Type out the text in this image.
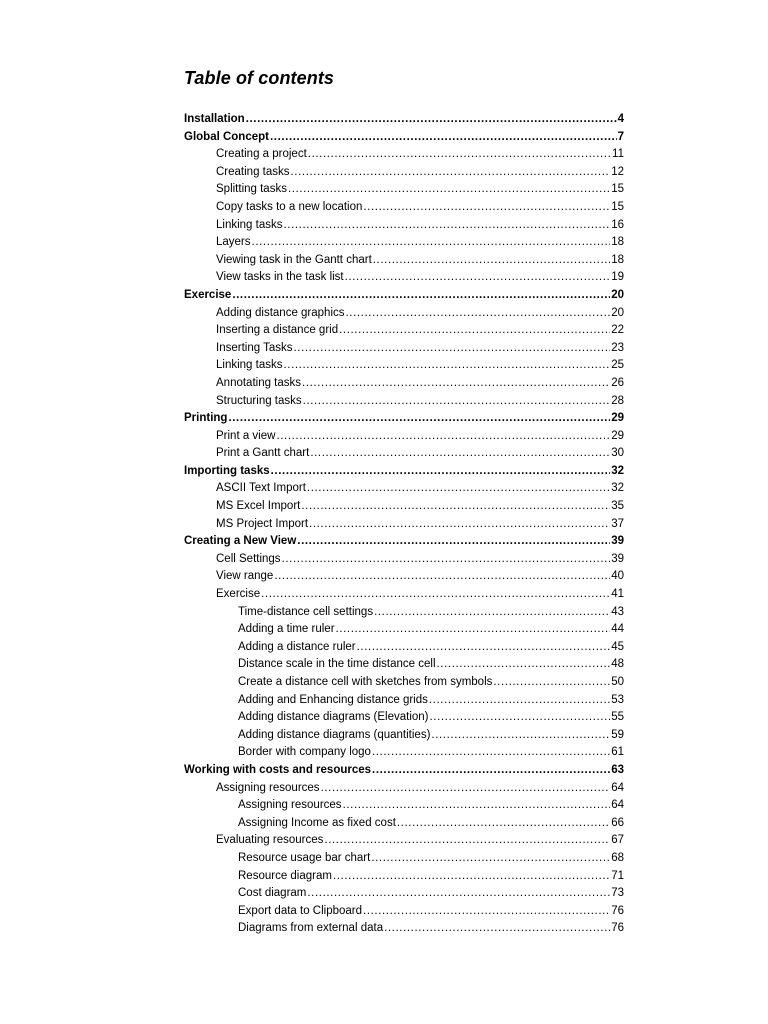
Table of contents
Installation .....	4
Global Concept .....	7
Creating a project .....	11
Creating tasks .....	12
Splitting tasks .....	15
Copy tasks to a new location .....	15
Linking tasks .....	16
Layers .....	18
Viewing task in the Gantt chart .....	18
View tasks in the task list .....	19
Exercise .....	20
Adding distance graphics .....	20
Inserting a distance grid .....	22
Inserting Tasks .....	23
Linking tasks .....	25
Annotating tasks .....	26
Structuring tasks .....	28
Printing .....	29
Print a view .....	29
Print a Gantt chart .....	30
Importing tasks .....	32
ASCII Text Import .....	32
MS Excel Import .....	35
MS Project Import .....	37
Creating a New View .....	39
Cell Settings .....	39
View range .....	40
Exercise .....	41
Time-distance cell settings .....	43
Adding a time ruler .....	44
Adding a distance ruler .....	45
Distance scale in the time distance cell .....	48
Create a distance cell with sketches from symbols .....	50
Adding and Enhancing distance grids .....	53
Adding distance diagrams (Elevation) .....	55
Adding distance diagrams (quantities) .....	59
Border with company logo .....	61
Working with costs and resources .....	63
Assigning resources .....	64
Assigning resources .....	64
Assigning Income as fixed cost .....	66
Evaluating resources .....	67
Resource usage bar chart .....	68
Resource diagram .....	71
Cost diagram .....	73
Export data to Clipboard .....	76
Diagrams from external data .....	76
